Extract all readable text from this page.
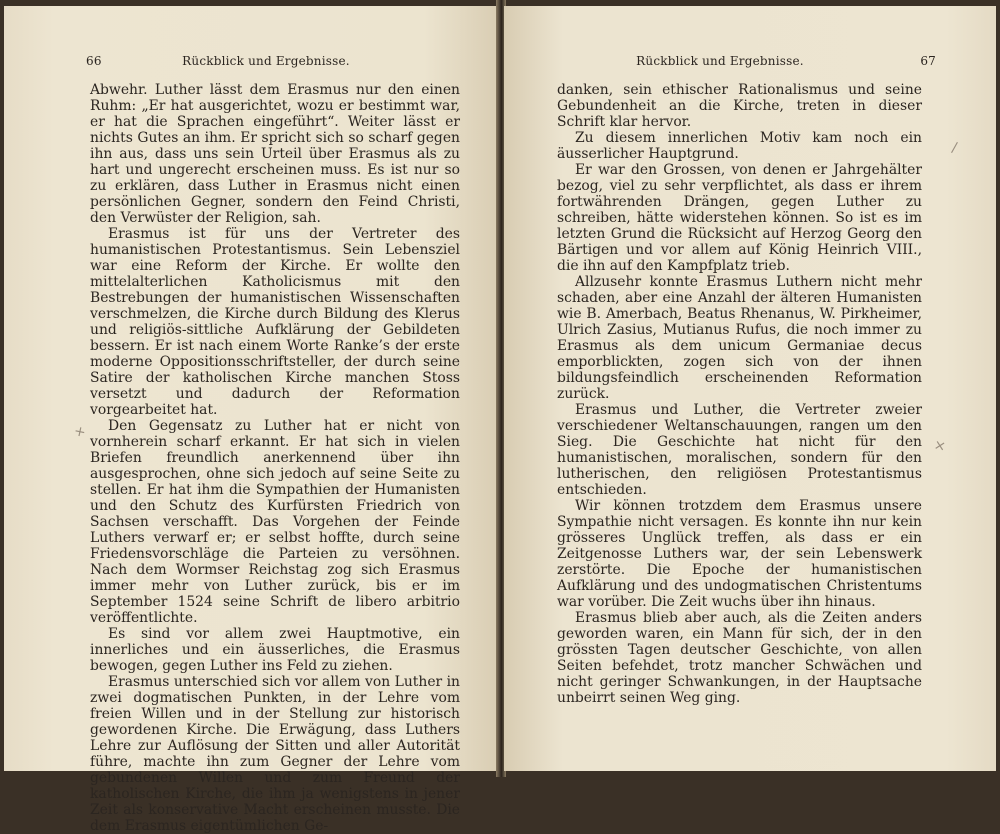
66	Rückblick und Ergebnisse.

Abwehr. Luther lässt dem Erasmus nur den einen Ruhm: „Er hat ausgerichtet, wozu er bestimmt war, er hat die Sprachen eingeführt“. Weiter lässt er nichts Gutes an ihm. Er spricht sich so scharf gegen ihn aus, dass uns sein Urteil über Erasmus als zu hart und ungerecht erscheinen muss. Es ist nur so zu erklären, dass Luther in Erasmus nicht einen persönlichen Gegner, sondern den Feind Christi, den Verwüster der Religion, sah.

Erasmus ist für uns der Vertreter des humanistischen Protestantismus. Sein Lebensziel war eine Reform der Kirche. Er wollte den mittelalterlichen Katholicismus mit den Bestrebungen der humanistischen Wissenschaften verschmelzen, die Kirche durch Bildung des Klerus und religiös-sittliche Aufklärung der Gebildeten bessern. Er ist nach einem Worte Ranke’s der erste moderne Oppositionsschriftsteller, der durch seine Satire der katholischen Kirche manchen Stoss versetzt und dadurch der Reformation vorgearbeitet hat.

Den Gegensatz zu Luther hat er nicht von vornherein scharf erkannt. Er hat sich in vielen Briefen freundlich anerkennend über ihn ausgesprochen, ohne sich jedoch auf seine Seite zu stellen. Er hat ihm die Sympathien der Humanisten und den Schutz des Kurfürsten Friedrich von Sachsen verschafft. Das Vorgehen der Feinde Luthers verwarf er; er selbst hoffte, durch seine Friedensvorschläge die Parteien zu versöhnen. Nach dem Wormser Reichstag zog sich Erasmus immer mehr von Luther zurück, bis er im September 1524 seine Schrift de libero arbitrio veröffentlichte.

Es sind vor allem zwei Hauptmotive, ein innerliches und ein äusserliches, die Erasmus bewogen, gegen Luther ins Feld zu ziehen.

Erasmus unterschied sich vor allem von Luther in zwei dogmatischen Punkten, in der Lehre vom freien Willen und in der Stellung zur historisch gewordenen Kirche. Die Erwägung, dass Luthers Lehre zur Auflösung der Sitten und aller Autorität führe, machte ihn zum Gegner der Lehre vom gebundenen Willen und zum Freund der katholischen Kirche, die ihm ja wenigstens in jener Zeit als konservative Macht erscheinen musste. Die dem Erasmus eigentümlichen Ge-

+
Rückblick und Ergebnisse.	67

danken, sein ethischer Rationalismus und seine Gebundenheit an die Kirche, treten in dieser Schrift klar hervor.

Zu diesem innerlichen Motiv kam noch ein äusserlicher Hauptgrund.

Er war den Grossen, von denen er Jahrgehälter bezog, viel zu sehr verpflichtet, als dass er ihrem fortwährenden Drängen, gegen Luther zu schreiben, hätte widerstehen können. So ist es im letzten Grund die Rücksicht auf Herzog Georg den Bärtigen und vor allem auf König Heinrich VIII., die ihn auf den Kampfplatz trieb.

Allzusehr konnte Erasmus Luthern nicht mehr schaden, aber eine Anzahl der älteren Humanisten wie B. Amerbach, Beatus Rhenanus, W. Pirkheimer, Ulrich Zasius, Mutianus Rufus, die noch immer zu Erasmus als dem unicum Germaniae decus emporblickten, zogen sich von der ihnen bildungsfeindlich erscheinenden Reformation zurück.

Erasmus und Luther, die Vertreter zweier verschiedener Weltanschauungen, rangen um den Sieg. Die Geschichte hat nicht für den humanistischen, moralischen, sondern für den lutherischen, den religiösen Protestantismus entschieden.

Wir können trotzdem dem Erasmus unsere Sympathie nicht versagen. Es konnte ihn nur kein grösseres Unglück treffen, als dass er ein Zeitgenosse Luthers war, der sein Lebenswerk zerstörte. Die Epoche der humanistischen Aufklärung und des undogmatischen Christentums war vorüber. Die Zeit wuchs über ihn hinaus.

Erasmus blieb aber auch, als die Zeiten anders geworden waren, ein Mann für sich, der in den grössten Tagen deutscher Geschichte, von allen Seiten befehdet, trotz mancher Schwächen und nicht geringer Schwankungen, in der Hauptsache unbeirrt seinen Weg ging.

/
×
